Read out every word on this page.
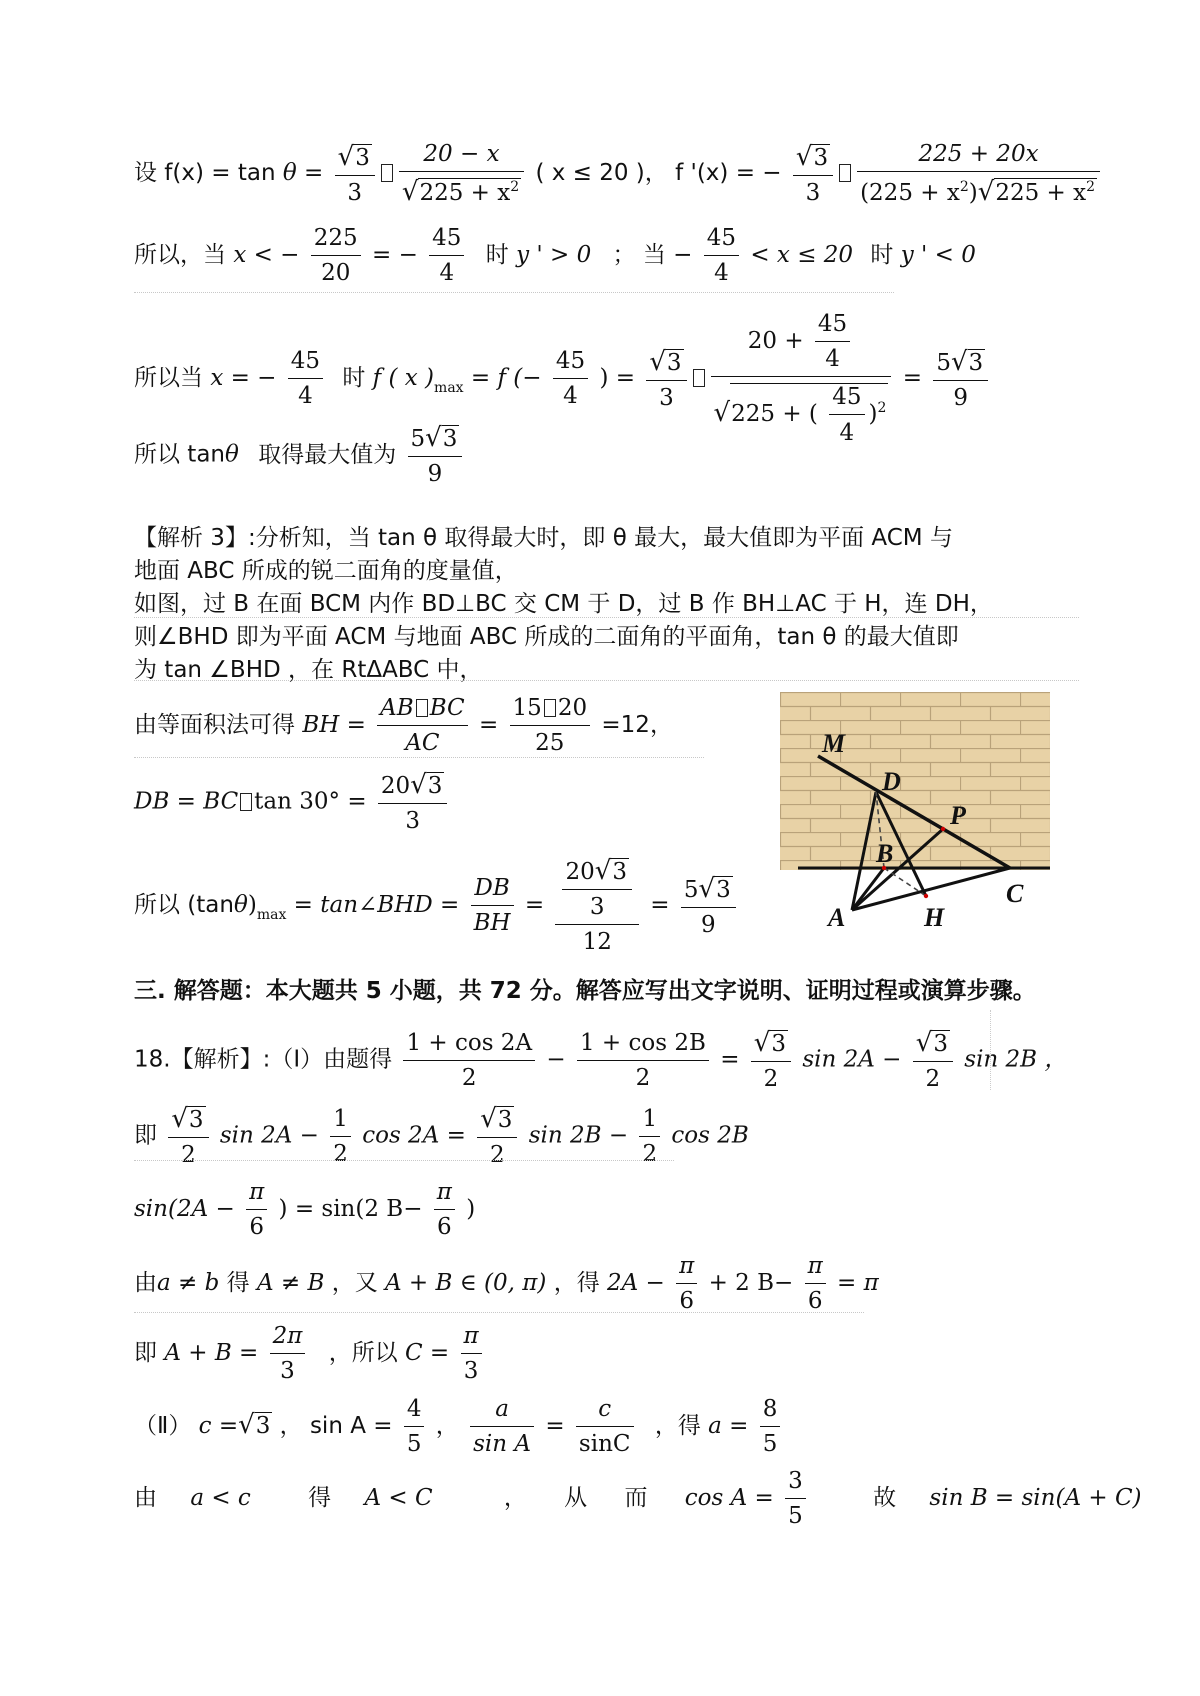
设 $f(x) = \tan \theta = \frac{√3}{3} \frac{20 - x}{√225 + x^2}$ ( x ≤ 20 )， f '(x) = − $\frac{√3}{3} \frac{225 + 20x}{(225 + x^2)√225 + x^2}$
所以，当 x < − $\frac{225}{20}$ = − $\frac{45}{4}$ 时 y ' > 0 ； 当 − $\frac{45}{4} < x \le 20$ 时 y ' < 0
所以当 x = − $\frac{45}{4}$ 时 f ( x )$_{max} = f$ (− $\frac{45}{4}$ ) = $\frac{√3}{3} \frac{20 + \frac{45}{4}}{√225 + ( \frac{45}{4} )^2} = \frac{5√3}{9}$
所以 tanθ 取得最大值为 $\frac{5√3}{9}$
【解析 3】:分析知，当 tan θ 取得最大时，即 θ 最大，最大值即为平面 ACM 与
地面 ABC 所成的锐二面角的度量值，
如图，过 B 在面 BCM 内作 BD⊥BC 交 CM 于 D，过 B 作 BH⊥AC 于 H，连 DH，
则∠BHD 即为平面 ACM 与地面 ABC 所成的二面角的平面角，tan θ 的最大值即
为 tan ∠BHD ，在 RtΔABC 中，
由等面积法可得 BH = $\frac{\text{AB BC}}{AC} = \frac{15 20}{25} =12$，
DB = BC $\tan 30^\circ = \frac{20√3}{3}$
所以 $(\tan\theta)_{max}$ = tan∠BHD = $\frac{DB}{BH} = \frac{\frac{20√3}{3}}{12} = \frac{5√3}{9}$
M
D
P
B
C
A	H
三. 解答题：本大题共 5 小题，共 72 分。解答应写出文字说明、证明过程或演算步骤。
18.【解析】:（Ⅰ）由题得 $\frac{1 + \cos 2A}{2} - \frac{1 + \cos 2B}{2} = \frac{√3}{2}$ $\sin 2A - \frac{√3}{2}$ sin 2B ，
即 $\frac{√3}{2}$ $\sin 2A - \frac{1}{2}$ $\cos 2A = \frac{√3}{2}$ $\sin 2B - \frac{1}{2}$ cos 2B
$\sin(2A - \frac{\pi}{6}$ ) = sin(2 $B- \frac{\pi}{6}$ )
由a ≠ b 得 A ≠ B ，又 A + B ∈ (0, π) ，得 $2A - \frac{\pi}{6} + 2$ $B- \frac{\pi}{6} = \pi$
即 $A + B = \frac{2\pi}{3}$ ，所以 $C = \frac{\pi}{3}$
（Ⅱ） c =√3 ， $\sin A = \frac{4}{5}$ ， $\frac{a}{\text{sin A}} = \frac{c}{\sin C}$ ，得 $a = \frac{8}{5}$
由 a < c 得 A < C	， 从 而 $\cos A = \frac{3}{5}$	故 sin B = sin(A + C)
